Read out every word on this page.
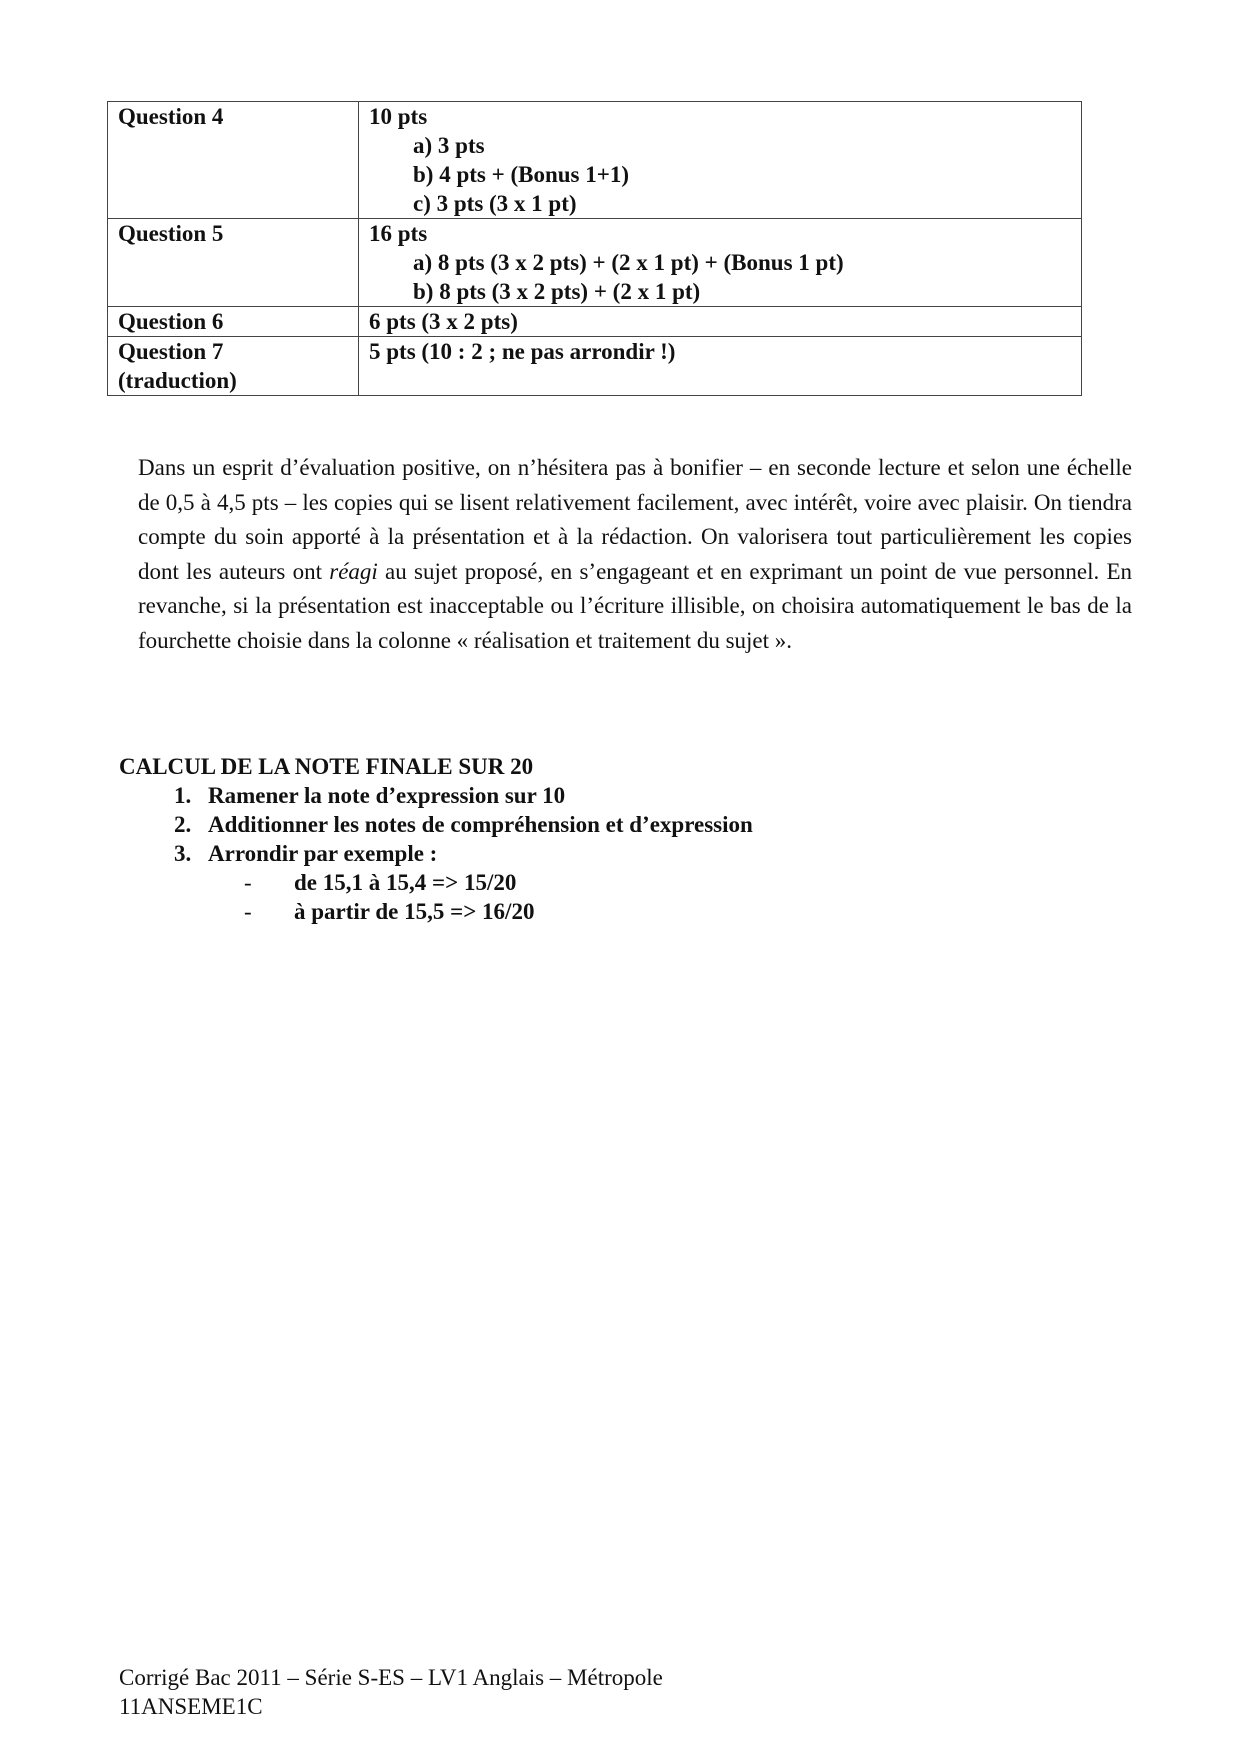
Question 4	10 pts
a) 3 pts
b) 4 pts + (Bonus 1+1)
c) 3 pts (3 x 1 pt)

Question 5	16 pts
a) 8 pts (3 x 2 pts) + (2 x 1 pt) + (Bonus 1 pt)
b) 8 pts (3 x 2 pts) + (2 x 1 pt)

Question 6	6 pts (3 x 2 pts)

Question 7
(traduction)	5 pts (10 : 2 ; ne pas arrondir !)

Dans un esprit d’évaluation positive, on n’hésitera pas à bonifier – en seconde lecture et selon une échelle de 0,5 à 4,5 pts – les copies qui se lisent relativement facilement, avec intérêt, voire avec plaisir. On tiendra compte du soin apporté à la présentation et à la rédaction. On valorisera tout particulièrement les copies dont les auteurs ont réagi au sujet proposé, en s’engageant et en exprimant un point de vue personnel. En revanche, si la présentation est inacceptable ou l’écriture illisible, on choisira automatiquement le bas de la fourchette choisie dans la colonne « réalisation et traitement du sujet ».

CALCUL DE LA NOTE FINALE SUR 20

1. Ramener la note d’expression sur 10
2. Additionner les notes de compréhension et d’expression
3. Arrondir par exemple :
- de 15,1 à 15,4 => 15/20
- à partir de 15,5 => 16/20
Corrigé Bac 2011 – Série S-ES – LV1 Anglais – Métropole
11ANSEME1C
